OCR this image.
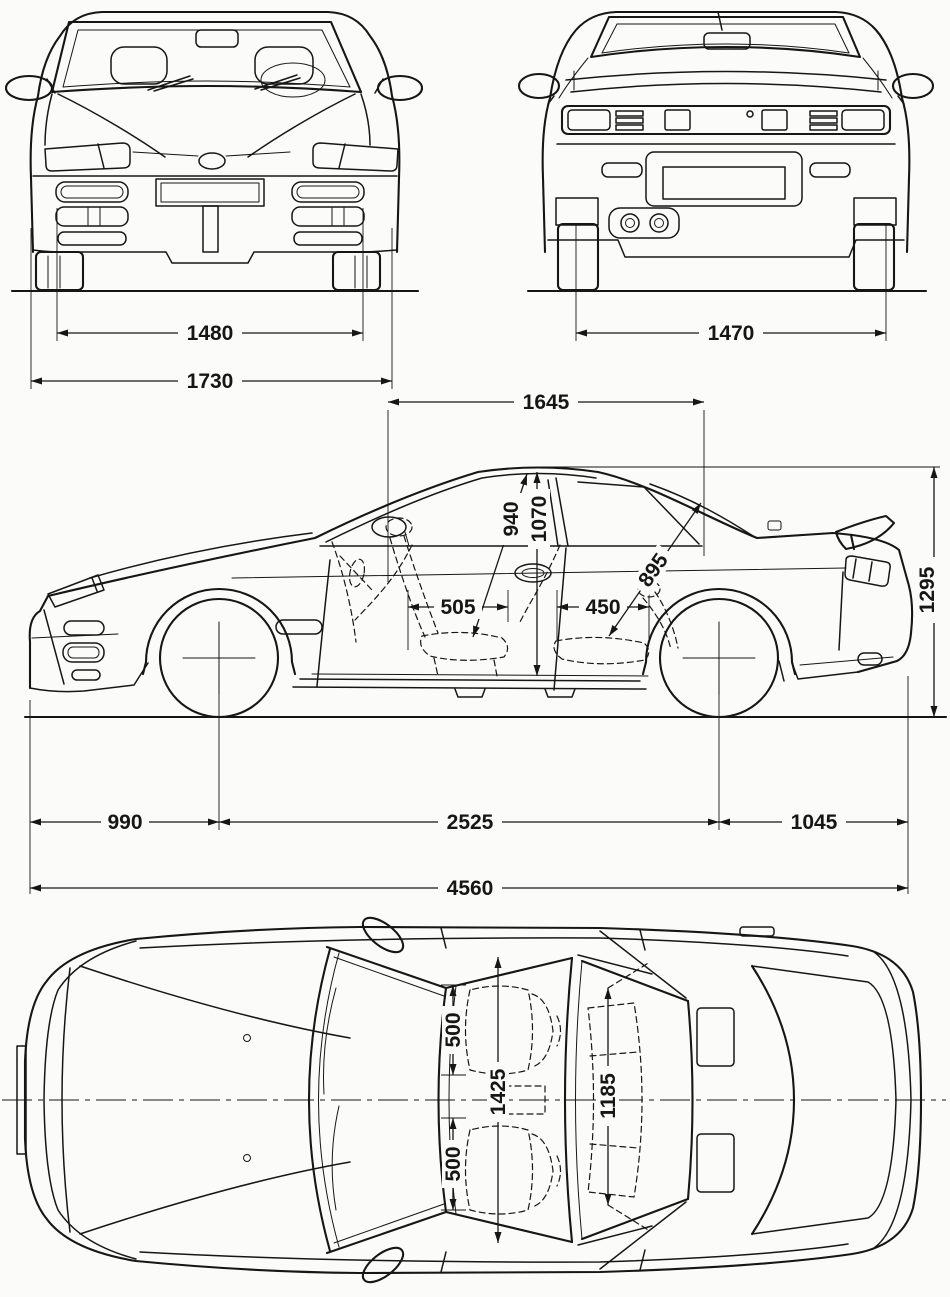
1480
1730
1470
1645
1295
940 1070
505	450
895
990	2525	1045
4560
500
1425
500
1185
